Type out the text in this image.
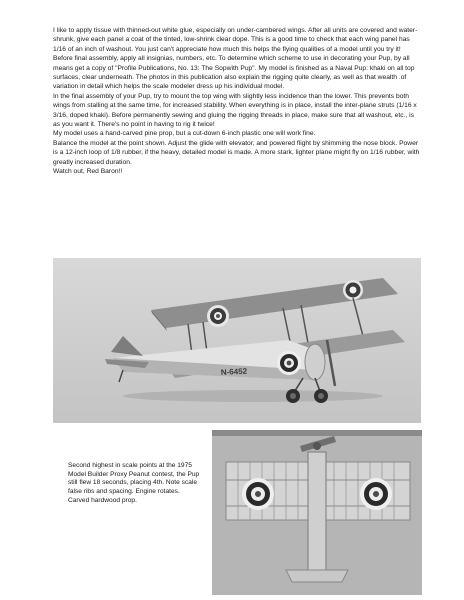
I like to apply tissue with thinned-out white glue, especially on under-cambered wings. After all units are covered and water-shrunk, give each panel a coat of the tinted, low-shrink clear dope. This is a good time to check that each wing panel has 1/16 of an inch of washout. You just can't appreciate how much this helps the flying qualities of a model until you try it!

Before final assembly, apply all insignias, numbers, etc. To determine which scheme to use in decorating your Pup, by all means get a copy of "Profile Publications, No. 13: The Sopwith Pup". My model is finished as a Naval Pup: khaki on all top surfaces, clear underneath. The photos in this publication also explain the rigging quite clearly, as well as that wealth .of variation in detail which helps the scale modeler dress up his individual model.

In the final assembly of your Pup, try to mount the top wing with slightly less incidence than the lower. This prevents both wings from stalling at the same time, for increased stability. When everything is in place, install the inter-plane struts (1/16 x 3/16, doped khaki). Before permanently sewing and gluing the rigging threads in place, make sure that all washout, etc., is as you want it. There's no point in having to rig it twice!

My model uses a hand-carved pine prop, but a cut-down 6-inch plastic one will work fine.

Balance the model at the point shown. Adjust the glide with elevator, and powered flight by shimming the nose block. Power is a 12-inch loop of 1/8 rubber, if the heavy, detailed model is made. A more stark, lighter plane might fly on 1/16 rubber, with greatly increased duration.

Watch out, Red Baron!!

N-6452

Second highest in scale points at the 1975 Model Builder Proxy Peanut contest, the Pup still flew 18 seconds, placing 4th. Note scale false ribs and spacing. Engine rotates. Carved hardwood prop.
